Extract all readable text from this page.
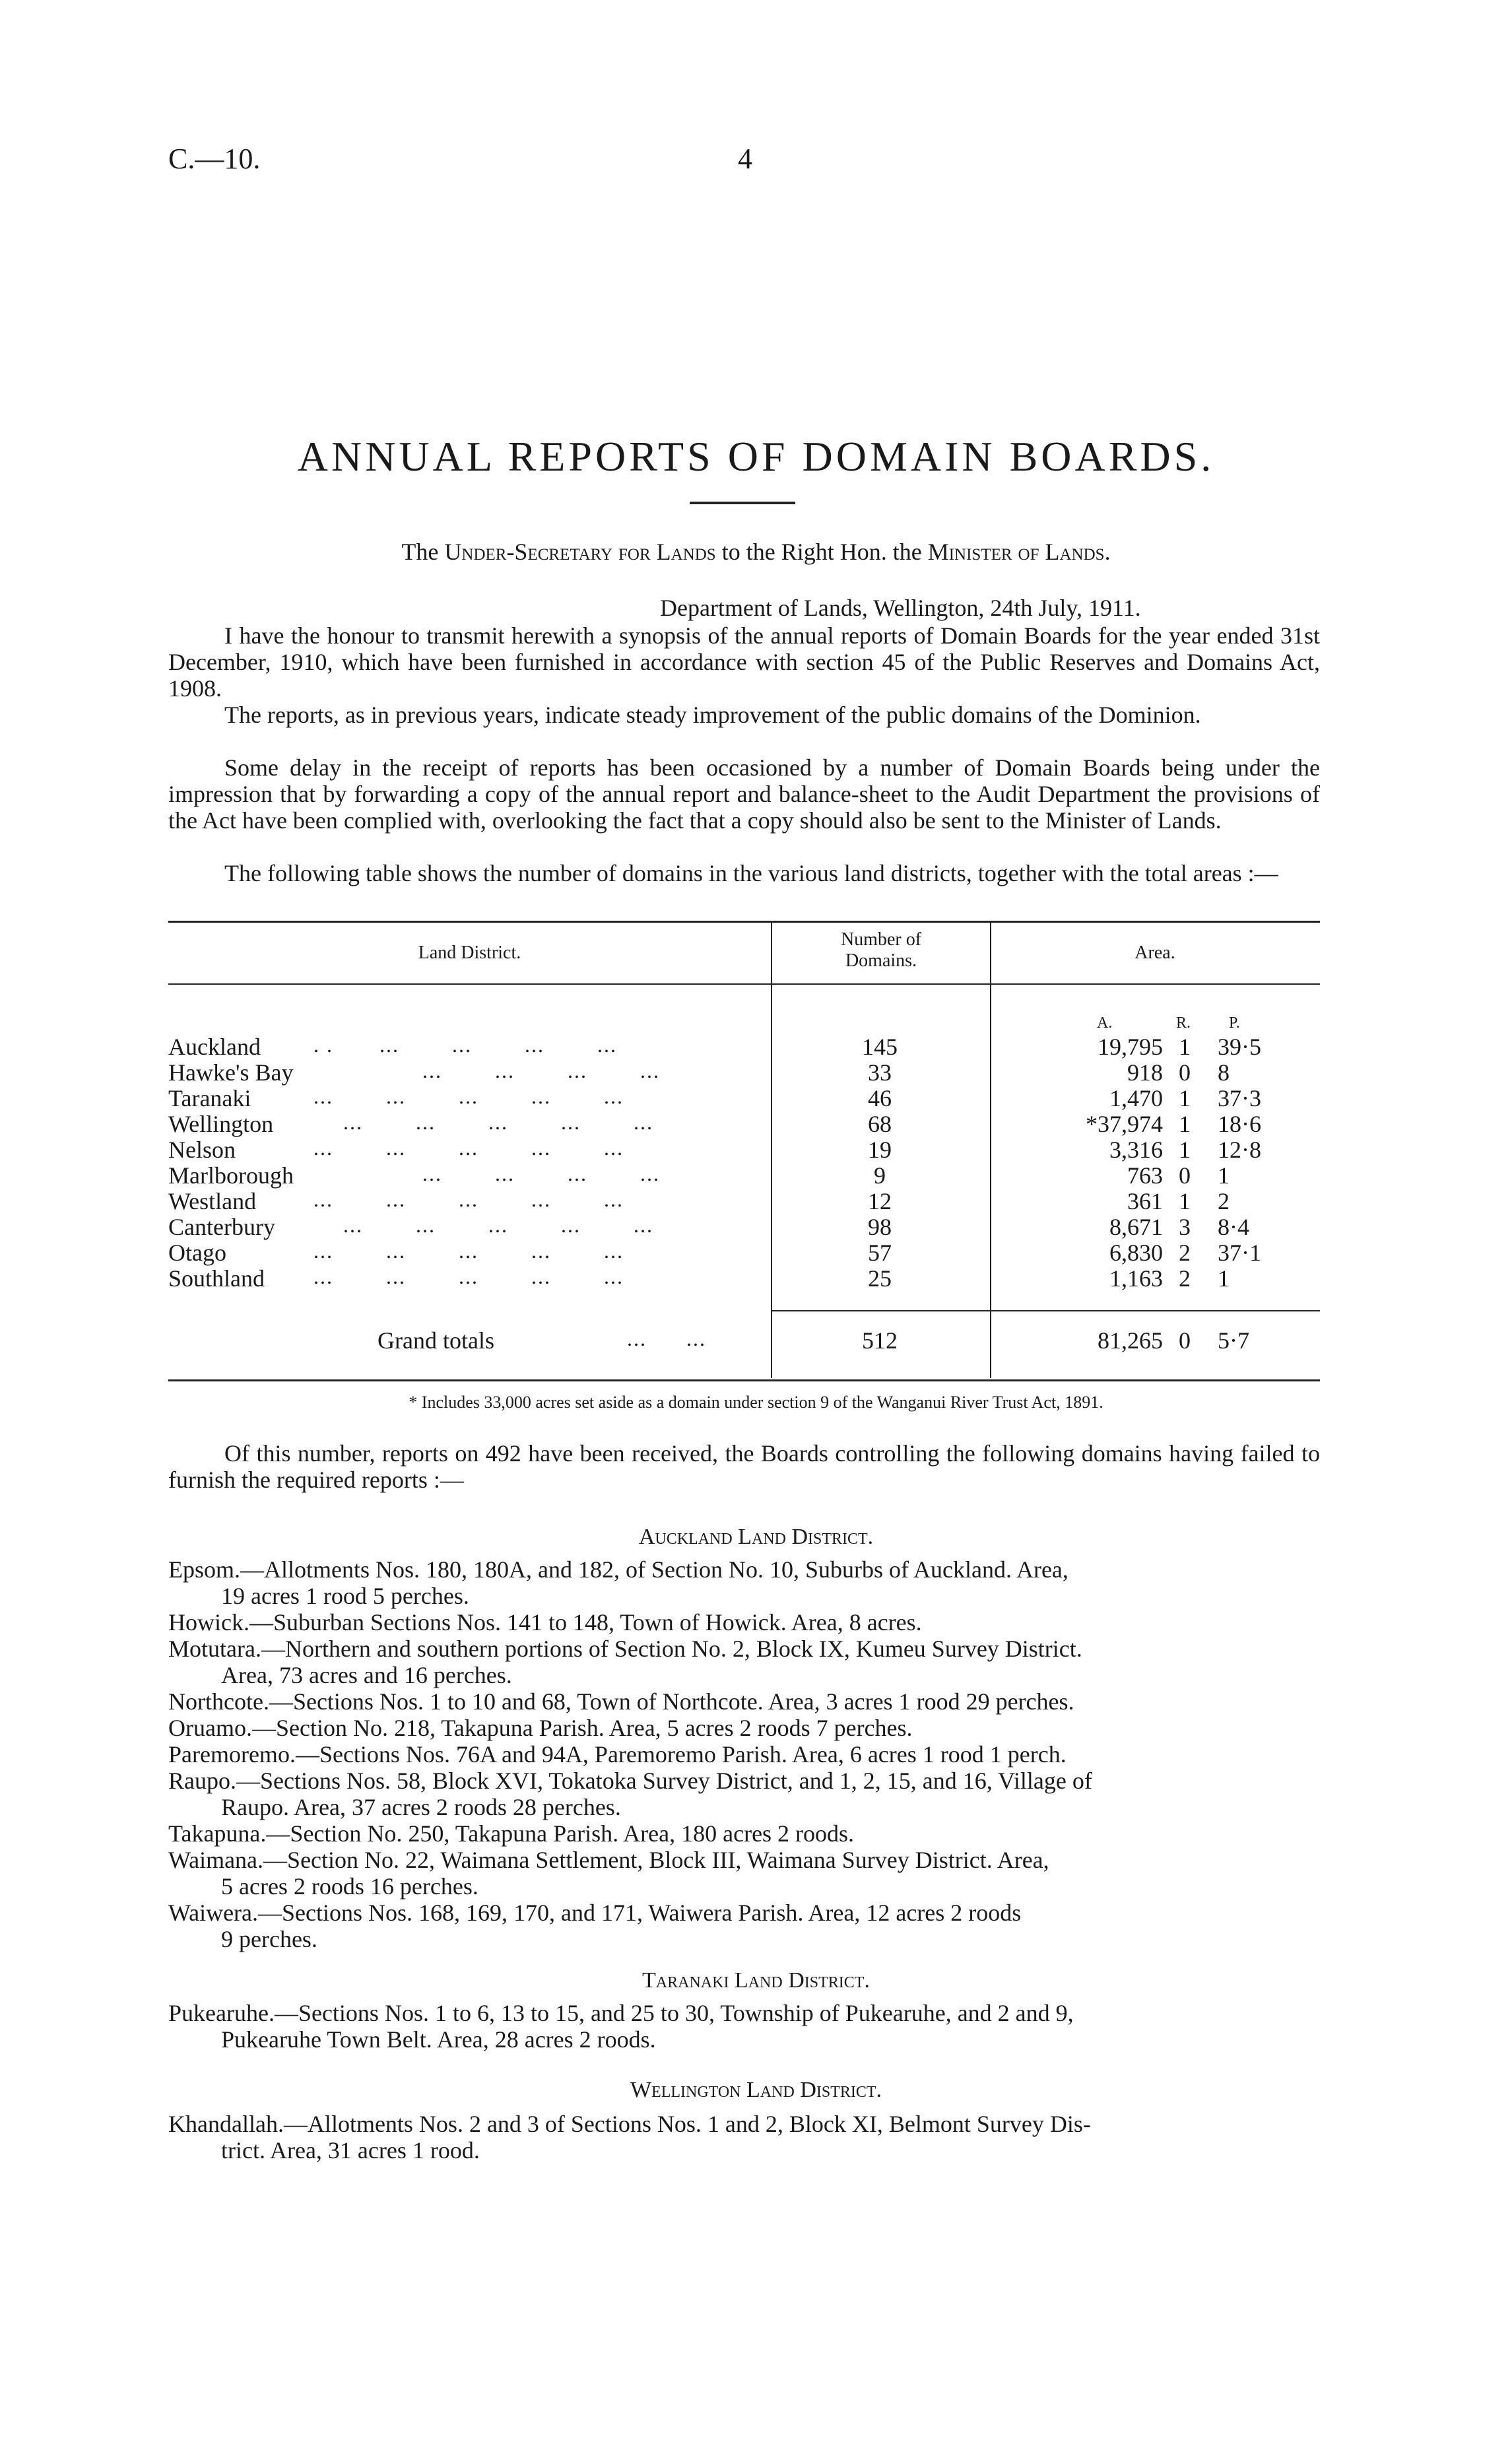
C.—10.	4
ANNUAL REPORTS OF DOMAIN BOARDS.
The Under-Secretary for Lands to the Right Hon. the Minister of Lands.
Department of Lands, Wellington, 24th July, 1911.
I have the honour to transmit herewith a synopsis of the annual reports of Domain Boards for the year ended 31st December, 1910, which have been furnished in accordance with section 45 of the Public Reserves and Domains Act, 1908.
The reports, as in previous years, indicate steady improvement of the public domains of the Dominion.
Some delay in the receipt of reports has been occasioned by a number of Domain Boards being under the impression that by forwarding a copy of the annual report and balance-sheet to the Audit Department the provisions of the Act have been complied with, overlooking the fact that a copy should also be sent to the Minister of Lands.
The following table shows the number of domains in the various land districts, together with the total areas :—
Land District.
Number of Domains.	Area.
A.	R. P.
Auckland	145	19,795 1	39·5
Hawke's Bay	33	918 0	8
Taranaki	46	1,470 1	37·3
Wellington	68	*37,974 1	18·6
Nelson	19	3,316 1	12·8
Marlborough	9	763 0	1
Westland	12	361 1	2
Canterbury	98	8,671 3	8·4
Otago	57	6,830 2	37·1
Southland	25	1,163 2	1
. .       ...        ...        ...        ...
...        ...        ...        ...
...        ...        ...        ...        ...
...        ...        ...        ...        ...
...        ...        ...        ...        ...
...        ...        ...        ...
...        ...        ...        ...        ...
...        ...        ...        ...        ...
...        ...        ...        ...        ...
...        ...        ...        ...        ...
Grand totals	...      ...	512	81,265 0	5·7
* Includes 33,000 acres set aside as a domain under section 9 of the Wanganui River Trust Act, 1891.
Of this number, reports on 492 have been received, the Boards controlling the following domains having failed to furnish the required reports :—
Auckland Land District.
Epsom.—Allotments Nos. 180, 180A, and 182, of Section No. 10, Suburbs of Auckland. Area,
19 acres 1 rood 5 perches.
Howick.—Suburban Sections Nos. 141 to 148, Town of Howick. Area, 8 acres.
Motutara.—Northern and southern portions of Section No. 2, Block IX, Kumeu Survey District.
Area, 73 acres and 16 perches.
Northcote.—Sections Nos. 1 to 10 and 68, Town of Northcote. Area, 3 acres 1 rood 29 perches.
Oruamo.—Section No. 218, Takapuna Parish. Area, 5 acres 2 roods 7 perches.
Paremoremo.—Sections Nos. 76A and 94A, Paremoremo Parish. Area, 6 acres 1 rood 1 perch.
Raupo.—Sections Nos. 58, Block XVI, Tokatoka Survey District, and 1, 2, 15, and 16, Village of
Raupo. Area, 37 acres 2 roods 28 perches.
Takapuna.—Section No. 250, Takapuna Parish. Area, 180 acres 2 roods.
Waimana.—Section No. 22, Waimana Settlement, Block III, Waimana Survey District. Area,
5 acres 2 roods 16 perches.
Waiwera.—Sections Nos. 168, 169, 170, and 171, Waiwera Parish. Area, 12 acres 2 roods
9 perches.
Taranaki Land District.
Pukearuhe.—Sections Nos. 1 to 6, 13 to 15, and 25 to 30, Township of Pukearuhe, and 2 and 9,
Pukearuhe Town Belt. Area, 28 acres 2 roods.
Wellington Land District.
Khandallah.—Allotments Nos. 2 and 3 of Sections Nos. 1 and 2, Block XI, Belmont Survey Dis-
trict. Area, 31 acres 1 rood.
